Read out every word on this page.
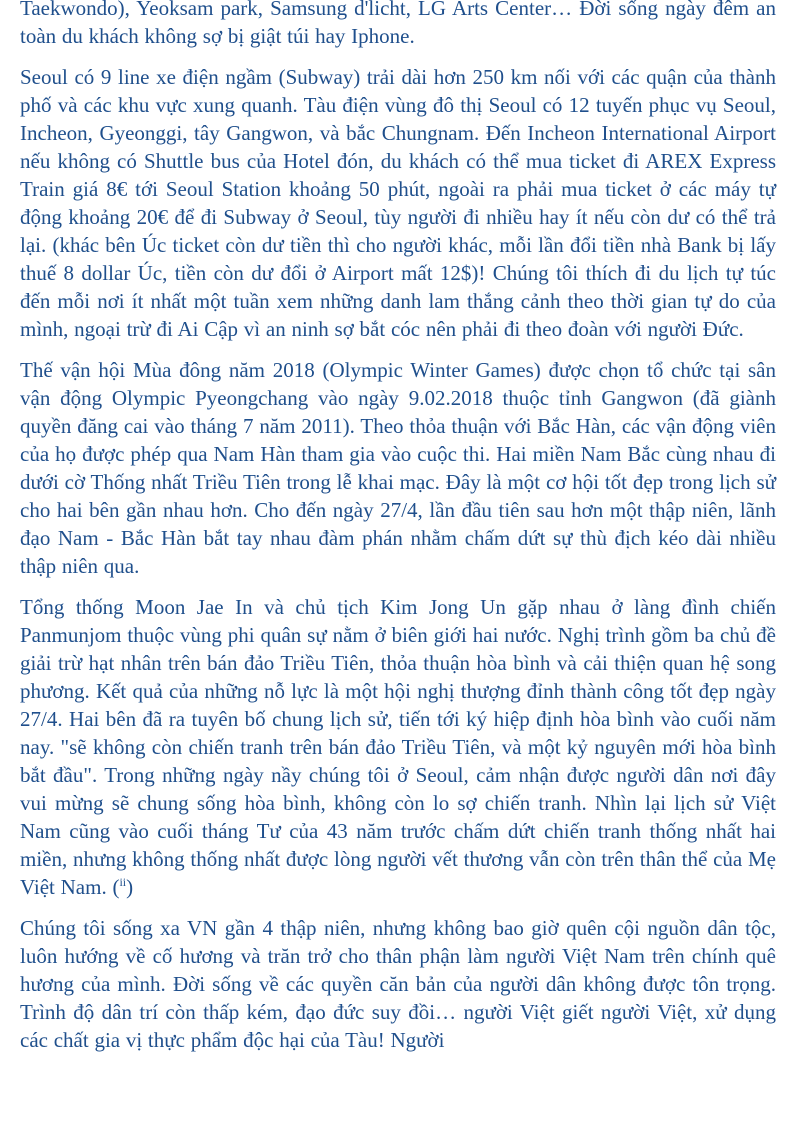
Taekwondo), Yeoksam park, Samsung d'licht, LG Arts Center… Đời sống ngày đêm an toàn du khách không sợ bị giật túi hay Iphone.

Seoul có 9 line xe điện ngầm (Subway) trải dài hơn 250 km nối với các quận của thành phố và các khu vực xung quanh. Tàu điện vùng đô thị Seoul có 12 tuyến phục vụ Seoul, Incheon, Gyeonggi, tây Gangwon, và bắc Chungnam. Đến Incheon International Airport nếu không có Shuttle bus của Hotel đón, du khách có thể mua ticket đi AREX Express Train giá 8€ tới Seoul Station khoảng 50 phút, ngoài ra phải mua ticket ở các máy tự động khoảng 20€ để đi Subway ở Seoul, tùy người đi nhiều hay ít nếu còn dư có thể trả lại. (khác bên Úc ticket còn dư tiền thì cho người khác, mỗi lần đổi tiền nhà Bank bị lấy thuế 8 dollar Úc, tiền còn dư đổi ở Airport mất 12$)! Chúng tôi thích đi du lịch tự túc đến mỗi nơi ít nhất một tuần xem những danh lam thắng cảnh theo thời gian tự do của mình, ngoại trừ đi Ai Cập vì an ninh sợ bắt cóc nên phải đi theo đoàn với người Đức.

Thế vận hội Mùa đông năm 2018 (Olympic Winter Games) được chọn tổ chức tại sân vận động Olympic Pyeongchang vào ngày 9.02.2018 thuộc tỉnh Gangwon (đã giành quyền đăng cai vào tháng 7 năm 2011). Theo thỏa thuận với Bắc Hàn, các vận động viên của họ được phép qua Nam Hàn tham gia vào cuộc thi. Hai miền Nam Bắc cùng nhau đi dưới cờ Thống nhất Triều Tiên trong lễ khai mạc. Đây là một cơ hội tốt đẹp trong lịch sử cho hai bên gần nhau hơn. Cho đến ngày 27/4, lần đầu tiên sau hơn một thập niên, lãnh đạo Nam - Bắc Hàn bắt tay nhau đàm phán nhằm chấm dứt sự thù địch kéo dài nhiều thập niên qua.

Tổng thống Moon Jae In và chủ tịch Kim Jong Un gặp nhau ở làng đình chiến Panmunjom thuộc vùng phi quân sự nằm ở biên giới hai nước. Nghị trình gồm ba chủ đề giải trừ hạt nhân trên bán đảo Triều Tiên, thỏa thuận hòa bình và cải thiện quan hệ song phương. Kết quả của những nỗ lực là một hội nghị thượng đỉnh thành công tốt đẹp ngày 27/4. Hai bên đã ra tuyên bố chung lịch sử, tiến tới ký hiệp định hòa bình vào cuối năm nay. "sẽ không còn chiến tranh trên bán đảo Triều Tiên, và một kỷ nguyên mới hòa bình bắt đầu". Trong những ngày nầy chúng tôi ở Seoul, cảm nhận được người dân nơi đây vui mừng sẽ chung sống hòa bình, không còn lo sợ chiến tranh. Nhìn lại lịch sử Việt Nam cũng vào cuối tháng Tư của 43 năm trước chấm dứt chiến tranh thống nhất hai miền, nhưng không thống nhất được lòng người vết thương vẫn còn trên thân thể của Mẹ Việt Nam. ($^{ii}$)

Chúng tôi sống xa VN gần 4 thập niên, nhưng không bao giờ quên cội nguồn dân tộc, luôn hướng về cố hương và trăn trở cho thân phận làm người Việt Nam trên chính quê hương của mình. Đời sống về các quyền căn bản của người dân không được tôn trọng. Trình độ dân trí còn thấp kém, đạo đức suy đồi… người Việt giết người Việt, xử dụng các chất gia vị thực phẩm độc hại của Tàu! Người
